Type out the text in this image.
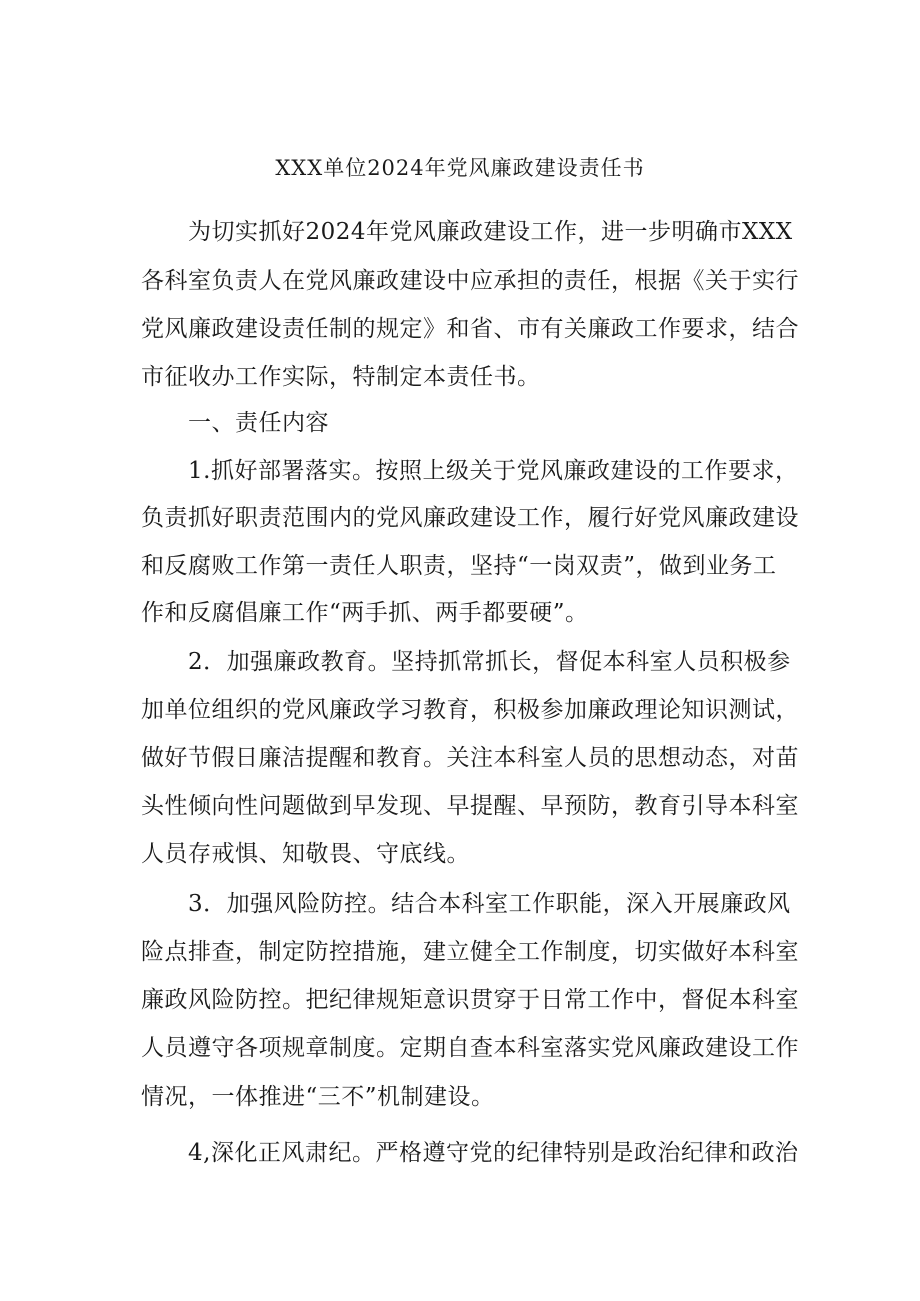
XXX单位2024年党风廉政建设责任书
为切实抓好2024年党风廉政建设工作，进一步明确市XXX
各科室负责人在党风廉政建设中应承担的责任，根据《关于实行
党风廉政建设责任制的规定》和省、市有关廉政工作要求，结合
市征收办工作实际，特制定本责任书。
一、责任内容
1.抓好部署落实。按照上级关于党风廉政建设的工作要求，
负责抓好职责范围内的党风廉政建设工作，履行好党风廉政建设
和反腐败工作第一责任人职责，坚持“一岗双责”，做到业务工
作和反腐倡廉工作“两手抓、两手都要硬”。
2．加强廉政教育。坚持抓常抓长，督促本科室人员积极参
加单位组织的党风廉政学习教育，积极参加廉政理论知识测试，
做好节假日廉洁提醒和教育。关注本科室人员的思想动态，对苗
头性倾向性问题做到早发现、早提醒、早预防，教育引导本科室
人员存戒惧、知敬畏、守底线。
3．加强风险防控。结合本科室工作职能，深入开展廉政风
险点排查，制定防控措施，建立健全工作制度，切实做好本科室
廉政风险防控。把纪律规矩意识贯穿于日常工作中，督促本科室
人员遵守各项规章制度。定期自查本科室落实党风廉政建设工作
情况，一体推进“三不”机制建设。
4,深化正风肃纪。严格遵守党的纪律特别是政治纪律和政治
